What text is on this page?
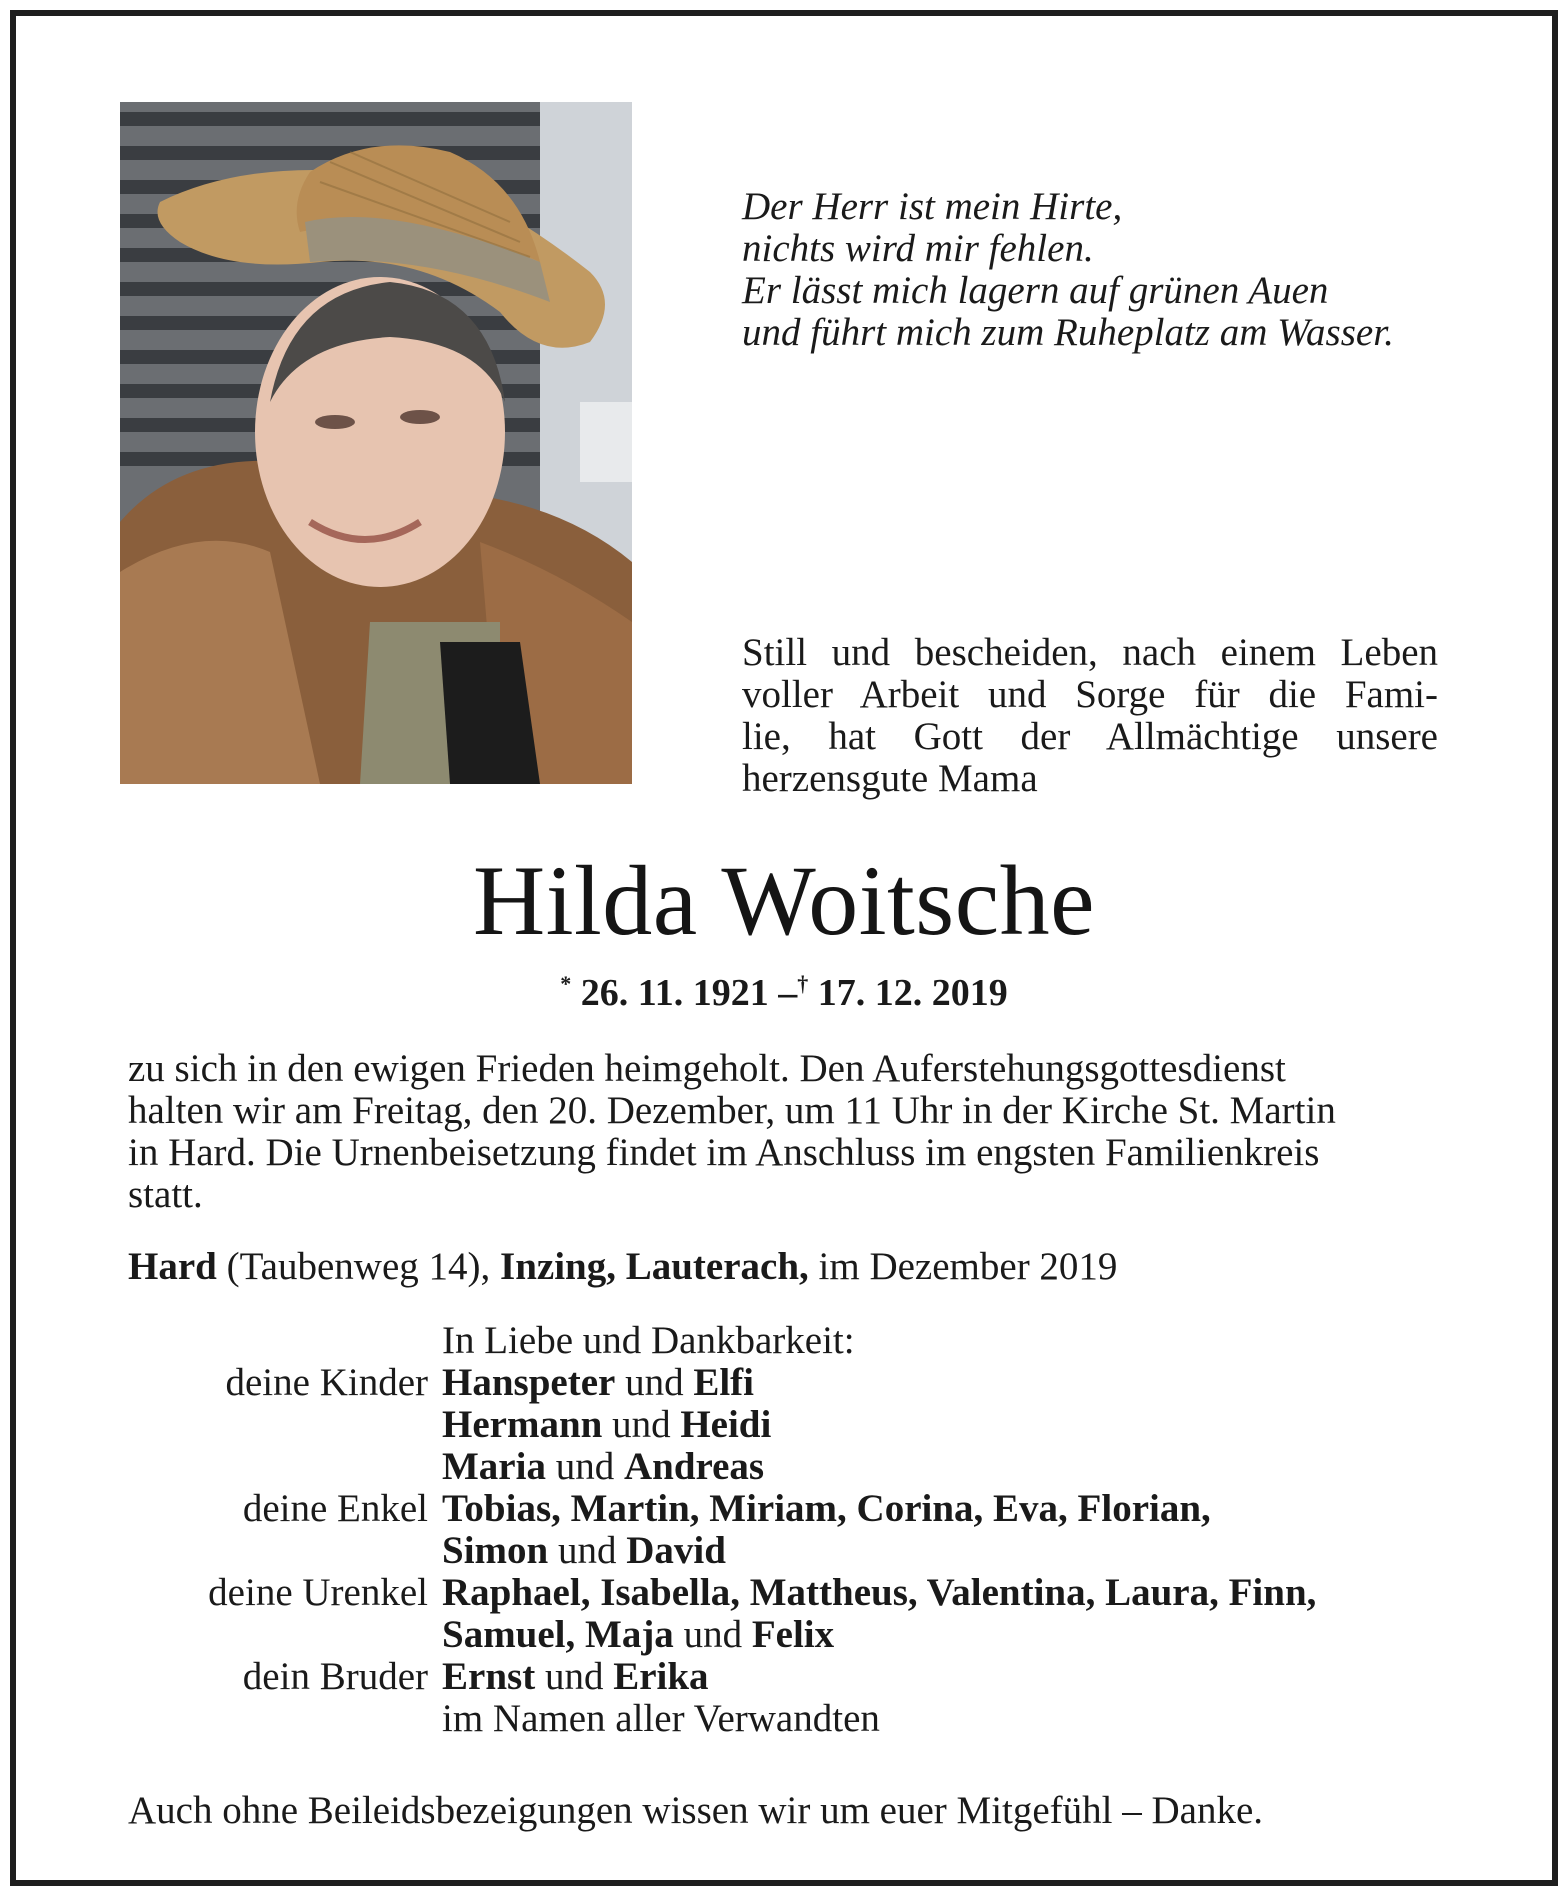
Der Herr ist mein Hirte,
nichts wird mir fehlen.
Er lässt mich lagern auf grünen Auen
und führt mich zum Ruheplatz am Wasser.
Still und bescheiden, nach einem Leben
voller Arbeit und Sorge für die Fami-
lie, hat Gott der Allmächtige unsere
herzensgute Mama
Hilda Woitsche
* 26. 11. 1921 –† 17. 12. 2019
zu sich in den ewigen Frieden heimgeholt. Den Auferstehungsgottesdienst
halten wir am Freitag, den 20. Dezember, um 11 Uhr in der Kirche St. Martin
in Hard. Die Urnenbeisetzung findet im Anschluss im engsten Familienkreis
statt.
Hard (Taubenweg 14), Inzing, Lauterach, im Dezember 2019
In Liebe und Dankbarkeit:
deine Kinder Hanspeter und Elfi
Hermann und Heidi
Maria und Andreas
deine Enkel Tobias, Martin, Miriam, Corina, Eva, Florian,
Simon und David
deine Urenkel Raphael, Isabella, Mattheus, Valentina, Laura, Finn,
Samuel, Maja und Felix
dein Bruder Ernst und Erika
im Namen aller Verwandten
Auch ohne Beileidsbezeigungen wissen wir um euer Mitgefühl – Danke.
